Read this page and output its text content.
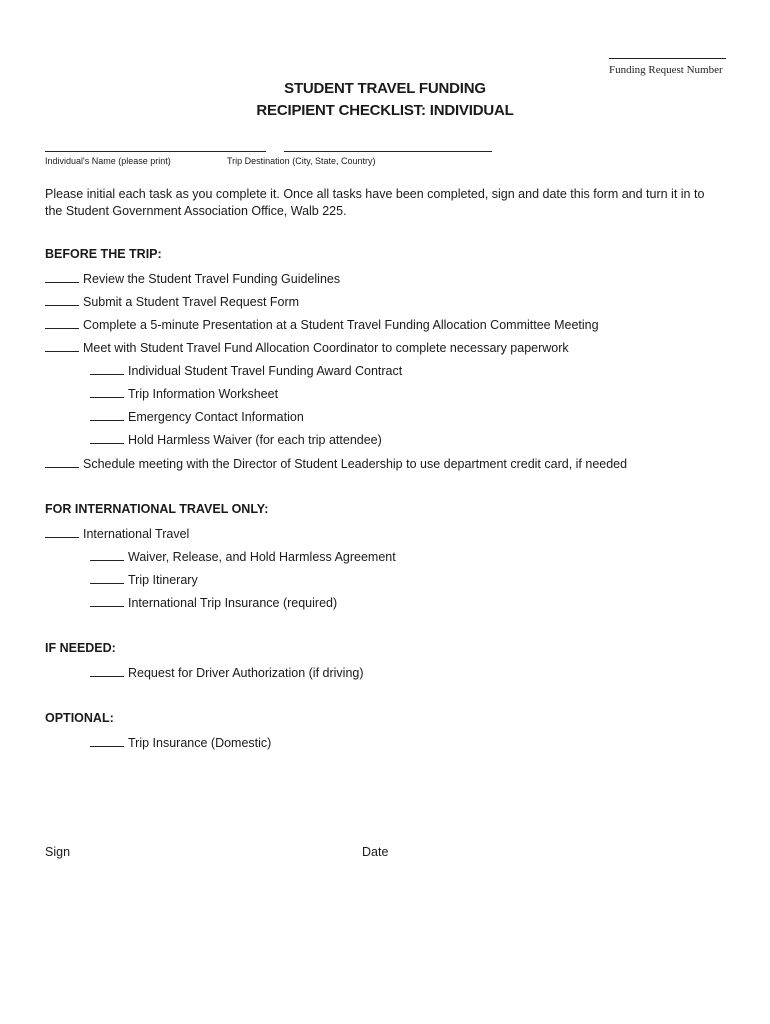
Funding Request Number
STUDENT TRAVEL FUNDING
RECIPIENT CHECKLIST: INDIVIDUAL
Individual's Name (please print)	Trip Destination (City, State, Country)
Please initial each task as you complete it. Once all tasks have been completed, sign and date this form and turn it in to the Student Government Association Office, Walb 225.
BEFORE THE TRIP:
Review the Student Travel Funding Guidelines
Submit a Student Travel Request Form
Complete a 5-minute Presentation at a Student Travel Funding Allocation Committee Meeting
Meet with Student Travel Fund Allocation Coordinator to complete necessary paperwork
Individual Student Travel Funding Award Contract
Trip Information Worksheet
Emergency Contact Information
Hold Harmless Waiver (for each trip attendee)
Schedule meeting with the Director of Student Leadership to use department credit card, if needed
FOR INTERNATIONAL TRAVEL ONLY:
International Travel
Waiver, Release, and Hold Harmless Agreement
Trip Itinerary
International Trip Insurance (required)
IF NEEDED:
Request for Driver Authorization (if driving)
OPTIONAL:
Trip Insurance (Domestic)
Sign	Date
